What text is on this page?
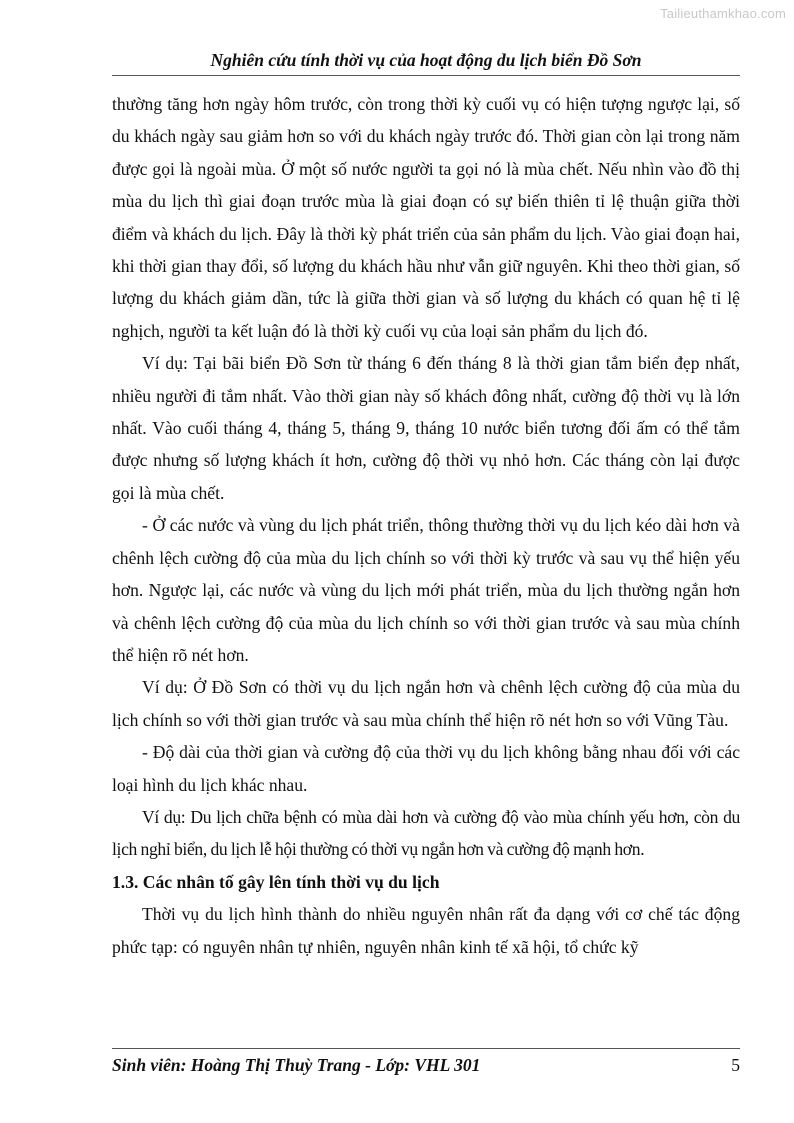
Tailieuthamkhao.com
Nghiên cứu tính thời vụ của hoạt động du lịch biển Đồ Sơn

thường tăng hơn ngày hôm trước, còn trong thời kỳ cuối vụ có hiện tượng ngược lại, số du khách ngày sau giảm hơn so với du khách ngày trước đó. Thời gian còn lại trong năm được gọi là ngoài mùa. Ở một số nước người ta gọi nó là mùa chết. Nếu nhìn vào đồ thị mùa du lịch thì giai đoạn trước mùa là giai đoạn có sự biến thiên tỉ lệ thuận giữa thời điểm và khách du lịch. Đây là thời kỳ phát triển của sản phẩm du lịch. Vào giai đoạn hai, khi thời gian thay đổi, số lượng du khách hầu như vẫn giữ nguyên. Khi theo thời gian, số lượng du khách giảm dần, tức là giữa thời gian và số lượng du khách có quan hệ tỉ lệ nghịch, người ta kết luận đó là thời kỳ cuối vụ của loại sản phẩm du lịch đó.

Ví dụ: Tại bãi biển Đồ Sơn từ tháng 6 đến tháng 8 là thời gian tắm biển đẹp nhất, nhiều người đi tắm nhất. Vào thời gian này số khách đông nhất, cường độ thời vụ là lớn nhất. Vào cuối tháng 4, tháng 5, tháng 9, tháng 10 nước biển tương đối ấm có thể tắm được nhưng số lượng khách ít hơn, cường độ thời vụ nhỏ hơn. Các tháng còn lại được gọi là mùa chết.

- Ở các nước và vùng du lịch phát triển, thông thường thời vụ du lịch kéo dài hơn và chênh lệch cường độ của mùa du lịch chính so với thời kỳ trước và sau vụ thể hiện yếu hơn. Ngược lại, các nước và vùng du lịch mới phát triển, mùa du lịch thường ngắn hơn và chênh lệch cường độ của mùa du lịch chính so với thời gian trước và sau mùa chính thể hiện rõ nét hơn.

Ví dụ: Ở Đồ Sơn có thời vụ du lịch ngắn hơn và chênh lệch cường độ của mùa du lịch chính so với thời gian trước và sau mùa chính thể hiện rõ nét hơn so với Vũng Tàu.

- Độ dài của thời gian và cường độ của thời vụ du lịch không bằng nhau đối với các loại hình du lịch khác nhau.

Ví dụ: Du lịch chữa bệnh có mùa dài hơn và cường độ vào mùa chính yếu hơn, còn du lịch nghỉ biển, du lịch lễ hội thường có thời vụ ngắn hơn và cường độ mạnh hơn.

1.3. Các nhân tố gây lên tính thời vụ du lịch

Thời vụ du lịch hình thành do nhiều nguyên nhân rất đa dạng với cơ chế tác động phức tạp: có nguyên nhân tự nhiên, nguyên nhân kinh tế xã hội, tổ chức kỹ

Sinh viên: Hoàng Thị Thuỳ Trang - Lớp: VHL 301	5
